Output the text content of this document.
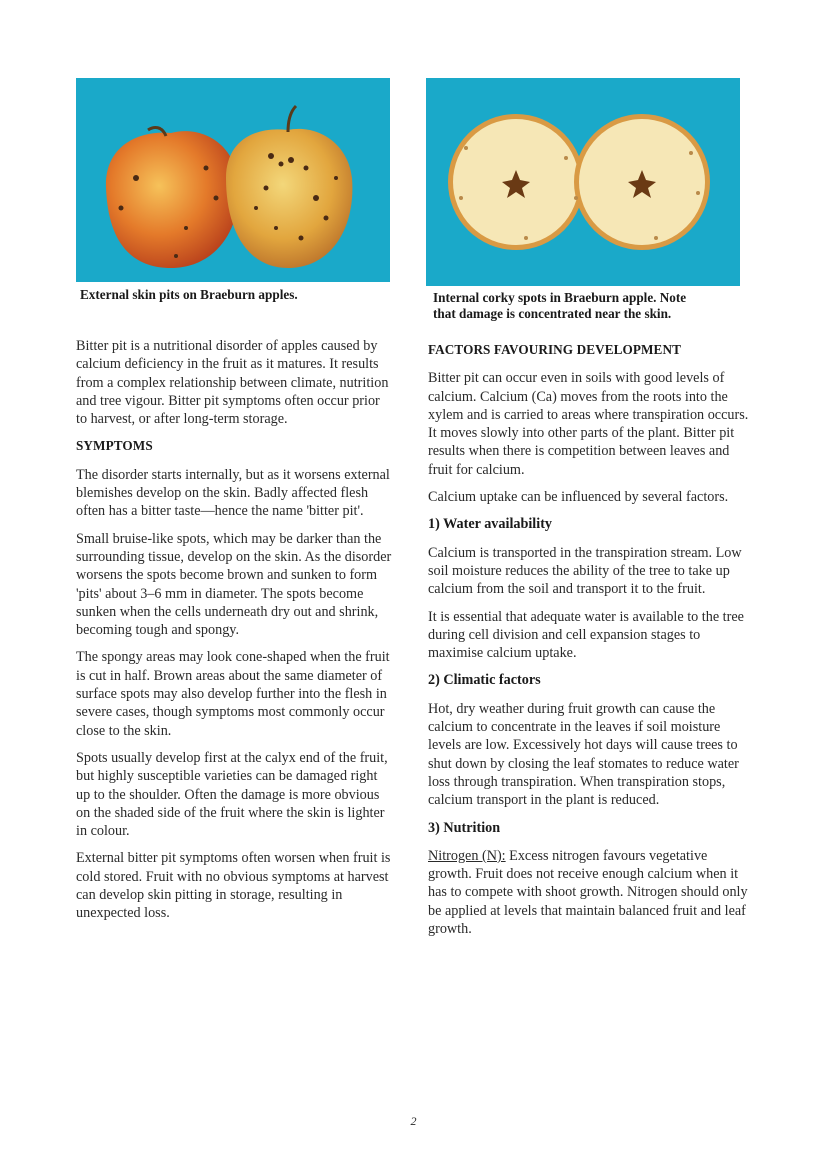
External skin pits on Braeburn apples.	Internal corky spots in Braeburn apple. Note
that damage is concentrated near the skin.

Bitter pit is a nutritional disorder of apples caused by calcium deficiency in the fruit as it matures. It results from a complex relationship between climate, nutrition and tree vigour. Bitter pit symptoms often occur prior to harvest, or after long-term storage.

SYMPTOMS

The disorder starts internally, but as it worsens external blemishes develop on the skin. Badly affected flesh often has a bitter taste—hence the name 'bitter pit'.

Small bruise-like spots, which may be darker than the surrounding tissue, develop on the skin. As the disorder worsens the spots become brown and sunken to form 'pits' about 3–6 mm in diameter. The spots become sunken when the cells underneath dry out and shrink, becoming tough and spongy.

The spongy areas may look cone-shaped when the fruit is cut in half. Brown areas about the same diameter of surface spots may also develop further into the flesh in severe cases, though symptoms most commonly occur close to the skin.

Spots usually develop first at the calyx end of the fruit, but highly susceptible varieties can be damaged right up to the shoulder. Often the damage is more obvious on the shaded side of the fruit where the skin is lighter in colour.

External bitter pit symptoms often worsen when fruit is cold stored. Fruit with no obvious symptoms at harvest can develop skin pitting in storage, resulting in unexpected loss.

FACTORS FAVOURING DEVELOPMENT

Bitter pit can occur even in soils with good levels of calcium. Calcium (Ca) moves from the roots into the xylem and is carried to areas where transpiration occurs. It moves slowly into other parts of the plant. Bitter pit results when there is competition between leaves and fruit for calcium.

Calcium uptake can be influenced by several factors.

1) Water availability

Calcium is transported in the transpiration stream. Low soil moisture reduces the ability of the tree to take up calcium from the soil and transport it to the fruit.

It is essential that adequate water is available to the tree during cell division and cell expansion stages to maximise calcium uptake.

2) Climatic factors

Hot, dry weather during fruit growth can cause the calcium to concentrate in the leaves if soil moisture levels are low. Excessively hot days will cause trees to shut down by closing the leaf stomates to reduce water loss through transpiration. When transpiration stops, calcium transport in the plant is reduced.

3) Nutrition

Nitrogen (N): Excess nitrogen favours vegetative growth. Fruit does not receive enough calcium when it has to compete with shoot growth. Nitrogen should only be applied at levels that maintain balanced fruit and leaf growth.

2
